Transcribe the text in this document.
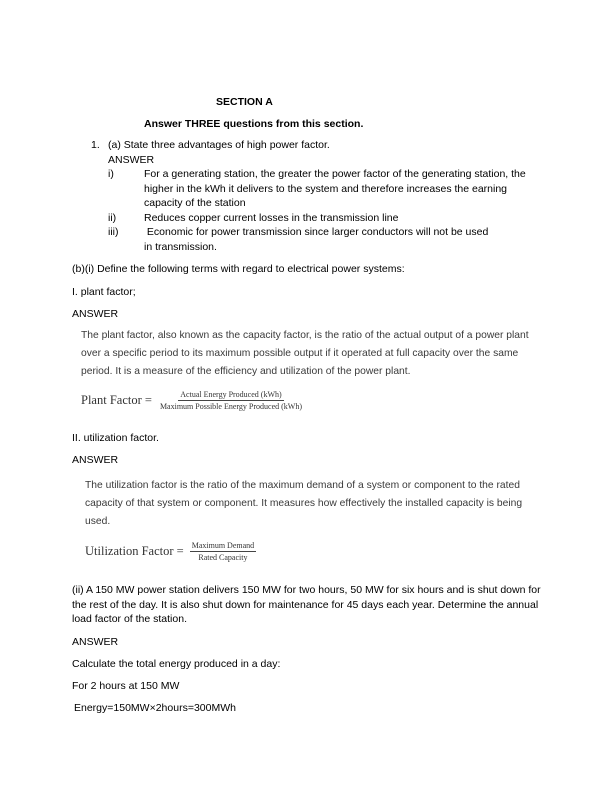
SECTION A
Answer THREE questions from this section.
1. (a) State three advantages of high power factor.
ANSWER
i)	For a generating station, the greater the power factor of the generating station, the higher in the kWh it delivers to the system and therefore increases the earning capacity of the station
ii)	Reduces copper current losses in the transmission line
iii)	Economic for power transmission since larger conductors will not be used in transmission.
(b)(i) Define the following terms with regard to electrical power systems:
I. plant factor;
ANSWER
The plant factor, also known as the capacity factor, is the ratio of the actual output of a power plant over a specific period to its maximum possible output if it operated at full capacity over the same period. It is a measure of the efficiency and utilization of the power plant.
Plant Factor = $\frac{\text{Actual Energy Produced (kWh)}}{\text{Maximum Possible Energy Produced (kWh)}}$
II. utilization factor.
ANSWER
The utilization factor is the ratio of the maximum demand of a system or component to the rated capacity of that system or component. It measures how effectively the installed capacity is being used.
Utilization Factor = $\frac{\text{Maximum Demand}}{\text{Rated Capacity}}$
(ii) A 150 MW power station delivers 150 MW for two hours, 50 MW for six hours and is shut down for the rest of the day. It is also shut down for maintenance for 45 days each year. Determine the annual load factor of the station.
ANSWER
Calculate the total energy produced in a day:
For 2 hours at 150 MW
Energy=150MW×2hours=300MWh
